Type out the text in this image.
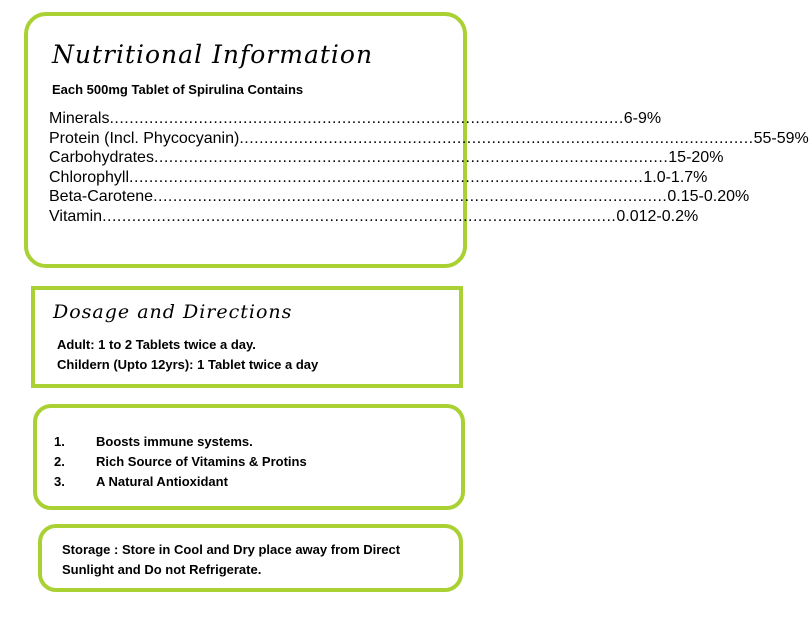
Nutritional Information
Each 500mg Tablet of Spirulina Contains
Minerals ........................................................................................................ 6-9%
Protein (Incl. Phycocyanin) ........................................................................................................ 55-59%
Carbohydrates ........................................................................................................ 15-20%
Chlorophyll ........................................................................................................ 1.0-1.7%
Beta-Carotene ........................................................................................................ 0.15-0.20%
Vitamin ........................................................................................................ 0.012-0.2%
Dosage and Directions
Adult: 1 to 2 Tablets twice a day.
Childern (Upto 12yrs): 1 Tablet twice a day
1. Boosts immune systems.
2. Rich Source of Vitamins & Protins
3. A Natural Antioxidant
Storage : Store in Cool and Dry place away from Direct Sunlight and Do not Refrigerate.
